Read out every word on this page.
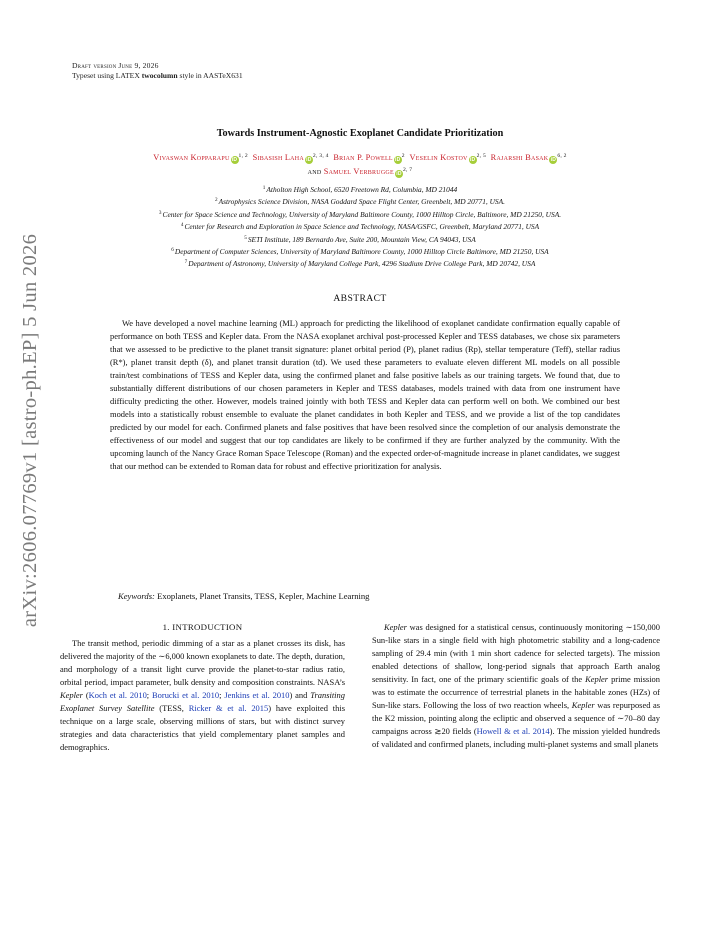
arXiv:2606.07769v1 [astro-ph.EP] 5 Jun 2026
Draft version June 9, 2026
Typeset using LATEX twocolumn style in AASTeX631
Towards Instrument-Agnostic Exoplanet Candidate Prioritization
Vivaswan Kopparapu iD$^{1, 2}$ Sibasish Laha iD$^{2, 3, 4}$ Brian P. Powell $iD^2$ Veselin Kostov iD$^{2, 5}$ Rajarshi Basak iD$^{6, 2}$
and Samuel Verbrugge iD$^{2, 7}$
$^1$Atholton High School, 6520 Freetown Rd, Columbia, MD 21044
$^2$Astrophysics Science Division, NASA Goddard Space Flight Center, Greenbelt, MD 20771, USA.
$^3$Center for Space Science and Technology, University of Maryland Baltimore County, 1000 Hilltop Circle, Baltimore, MD 21250, USA.
$^4$Center for Research and Exploration in Space Science and Technology, NASA/GSFC, Greenbelt, Maryland 20771, USA
$^5$SETI Institute, 189 Bernardo Ave, Suite 200, Mountain View, CA 94043, USA
$^6$Department of Computer Sciences, University of Maryland Baltimore County, 1000 Hilltop Circle Baltimore, MD 21250, USA
$^7$Department of Astronomy, University of Maryland College Park, 4296 Stadium Drive College Park, MD 20742, USA
ABSTRACT

We have developed a novel machine learning (ML) approach for predicting the likelihood of exoplanet candidate confirmation equally capable of performance on both TESS and Kepler data. From the NASA exoplanet archival post-processed Kepler and TESS databases, we chose six parameters that we assessed to be predictive to the planet transit signature: planet orbital period (P), planet radius (Rp), stellar temperature (Teff), stellar radius (R*), planet transit depth (δ), and planet transit duration (td). We used these parameters to evaluate eleven different ML models on all possible train/test combinations of TESS and Kepler data, using the confirmed planet and false positive labels as our training targets. We found that, due to substantially different distributions of our chosen parameters in Kepler and TESS databases, models trained with data from one instrument have difficulty predicting the other. However, models trained jointly with both TESS and Kepler data can perform well on both. We combined our best models into a statistically robust ensemble to evaluate the planet candidates in both Kepler and TESS, and we provide a list of the top candidates predicted by our model for each. Confirmed planets and false positives that have been resolved since the completion of our analysis demonstrate the effectiveness of our model and suggest that our top candidates are likely to be confirmed if they are further analyzed by the community. With the upcoming launch of the Nancy Grace Roman Space Telescope (Roman) and the expected order-of-magnitude increase in planet candidates, we suggest that our method can be extended to Roman data for robust and effective prioritization for analysis.

Keywords: Exoplanets, Planet Transits, TESS, Kepler, Machine Learning
1. INTRODUCTION

The transit method, periodic dimming of a star as a planet crosses its disk, has delivered the majority of the ∼6,000 known exoplanets to date. The depth, duration, and morphology of a transit light curve provide the planet-to-star radius ratio, orbital period, impact parameter, bulk density and composition constraints. NASA’s Kepler (Koch et al. 2010; Borucki et al. 2010; Jenkins et al. 2010) and Transiting Exoplanet Survey Satellite (TESS, Ricker & et al. 2015) have exploited this technique on a large scale, observing millions of stars, but with distinct survey strategies and data characteristics that yield complementary planet samples and demographics.

Kepler was designed for a statistical census, continuously monitoring ∼150,000 Sun-like stars in a single field with high photometric stability and a long-cadence sampling of 29.4 min (with 1 min short cadence for selected targets). The mission enabled detections of shallow, long-period signals that approach Earth analog sensitivity. In fact, one of the primary scientific goals of the Kepler prime mission was to estimate the occurrence of terrestrial planets in the habitable zones (HZs) of Sun-like stars. Following the loss of two reaction wheels, Kepler was repurposed as the K2 mission, pointing along the ecliptic and observed a sequence of ∼70–80 day campaigns across ≳20 fields (Howell & et al. 2014). The mission yielded hundreds of validated and confirmed planets, including multi-planet systems and small planets
